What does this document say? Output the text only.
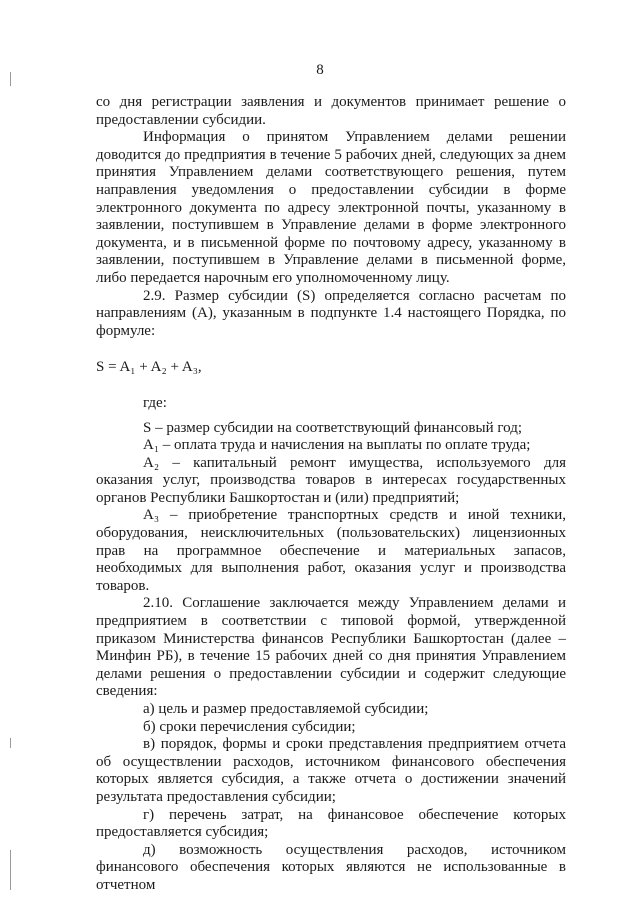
8

со дня регистрации заявления и документов принимает решение о предоставлении субсидии.

Информация о принятом Управлением делами решении доводится до предприятия в течение 5 рабочих дней, следующих за днем принятия Управлением делами соответствующего решения, путем направления уведомления о предоставлении субсидии в форме электронного документа по адресу электронной почты, указанному в заявлении, поступившем в Управление делами в форме электронного документа, и в письменной форме по почтовому адресу, указанному в заявлении, поступившем в Управление делами в письменной форме, либо передается нарочным его уполномоченному лицу.

2.9. Размер субсидии (S) определяется согласно расчетам по направлениям (А), указанным в подпункте 1.4 настоящего Порядка, по формуле:

S = A₁ + A₂ + A₃,

где:

S – размер субсидии на соответствующий финансовый год;

A₁ – оплата труда и начисления на выплаты по оплате труда;

A₂ – капитальный ремонт имущества, используемого для оказания услуг, производства товаров в интересах государственных органов Республики Башкортостан и (или) предприятий;

A₃ – приобретение транспортных средств и иной техники, оборудования, неисключительных (пользовательских) лицензионных прав на программное обеспечение и материальных запасов, необходимых для выполнения работ, оказания услуг и производства товаров.

2.10. Соглашение заключается между Управлением делами и предприятием в соответствии с типовой формой, утвержденной приказом Министерства финансов Республики Башкортостан (далее – Минфин РБ), в течение 15 рабочих дней со дня принятия Управлением делами решения о предоставлении субсидии и содержит следующие сведения:

а) цель и размер предоставляемой субсидии;

б) сроки перечисления субсидии;

в) порядок, формы и сроки представления предприятием отчета об осуществлении расходов, источником финансового обеспечения которых является субсидия, а также отчета о достижении значений результата предоставления субсидии;

г) перечень затрат, на финансовое обеспечение которых предоставляется субсидия;

д) возможность осуществления расходов, источником финансового обеспечения которых являются не использованные в отчетном
